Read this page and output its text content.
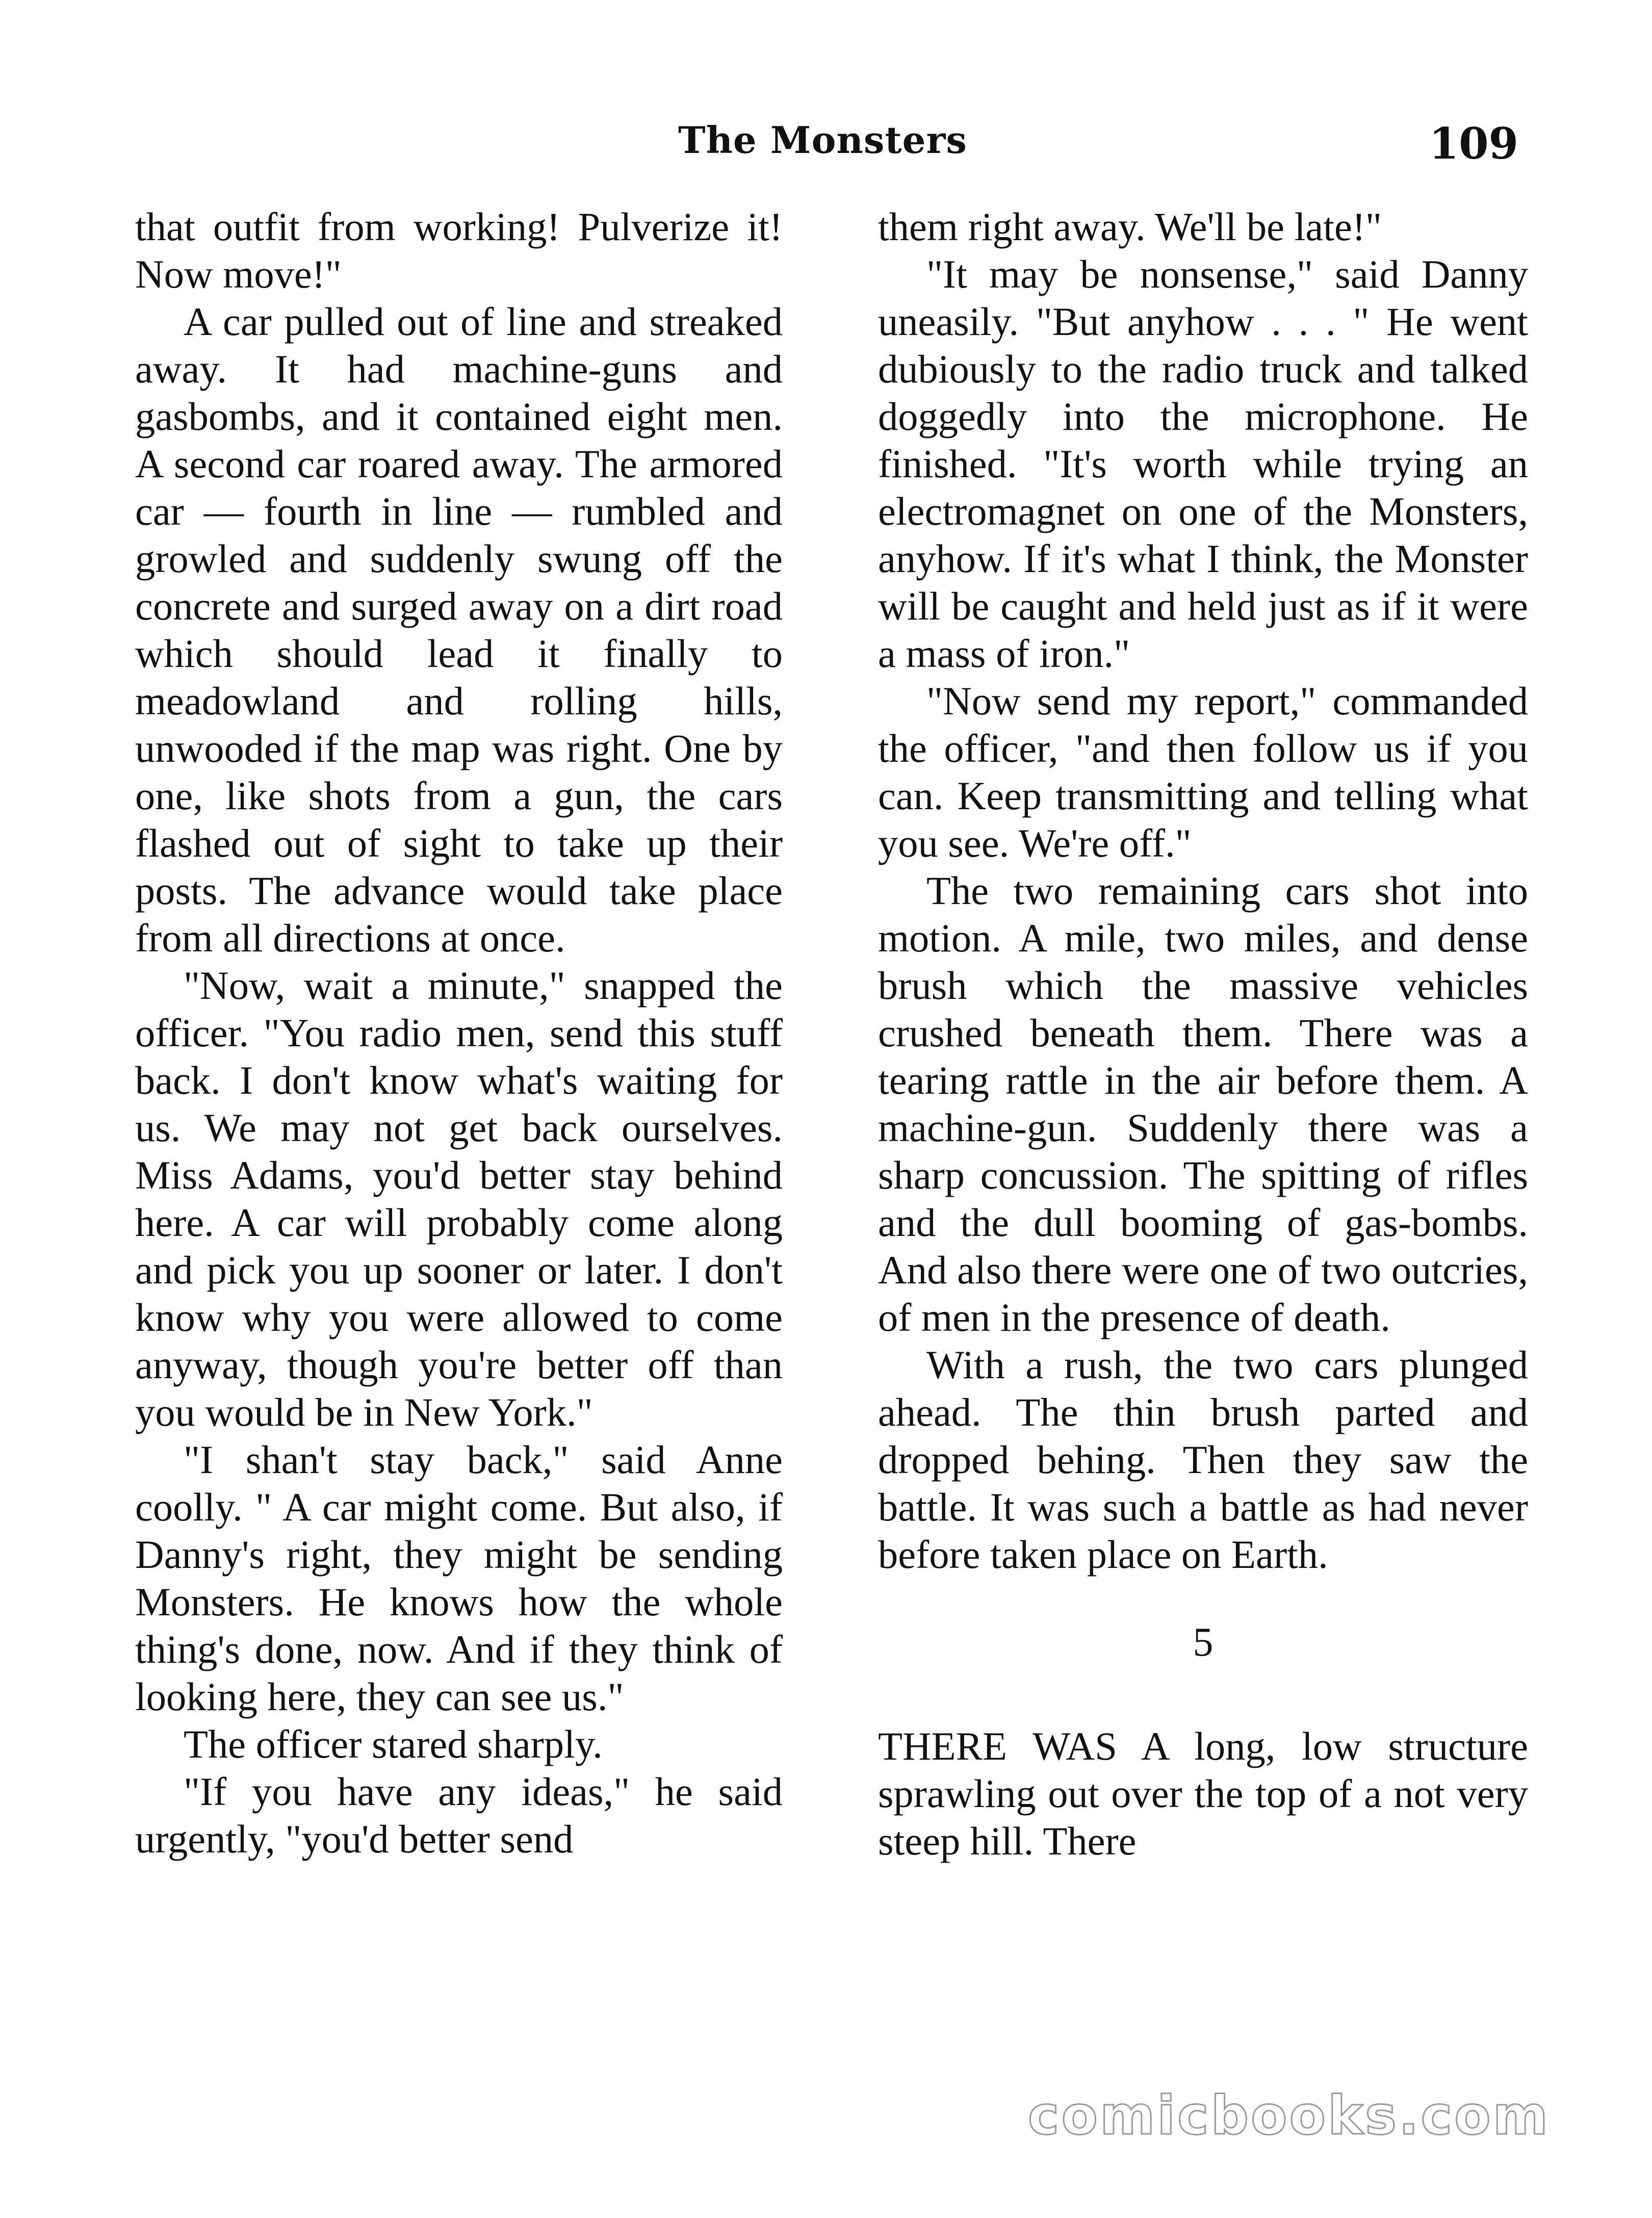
The Monsters	109

that outfit from working! Pulverize it! Now move!"

A car pulled out of line and streaked away. It had machine-guns and gasbombs, and it contained eight men. A second car roared away. The armored car — fourth in line — rumbled and growled and suddenly swung off the concrete and surged away on a dirt road which should lead it finally to meadowland and rolling hills, unwooded if the map was right. One by one, like shots from a gun, the cars flashed out of sight to take up their posts. The advance would take place from all directions at once.

"Now, wait a minute," snapped the officer. "You radio men, send this stuff back. I don't know what's waiting for us. We may not get back ourselves. Miss Adams, you'd better stay behind here. A car will probably come along and pick you up sooner or later. I don't know why you were allowed to come anyway, though you're better off than you would be in New York."

"I shan't stay back," said Anne coolly. " A car might come. But also, if Danny's right, they might be sending Monsters. He knows how the whole thing's done, now. And if they think of looking here, they can see us."

The officer stared sharply.

"If you have any ideas," he said urgently, "you'd better send

them right away. We'll be late!"

"It may be nonsense," said Danny uneasily. "But anyhow . . . " He went dubiously to the radio truck and talked doggedly into the microphone. He finished. "It's worth while trying an electromagnet on one of the Monsters, anyhow. If it's what I think, the Monster will be caught and held just as if it were a mass of iron."

"Now send my report," commanded the officer, "and then follow us if you can. Keep transmitting and telling what you see. We're off."

The two remaining cars shot into motion. A mile, two miles, and dense brush which the massive vehicles crushed beneath them. There was a tearing rattle in the air before them. A machine-gun. Suddenly there was a sharp concussion. The spitting of rifles and the dull booming of gas-bombs. And also there were one of two outcries, of men in the presence of death.

With a rush, the two cars plunged ahead. The thin brush parted and dropped behing. Then they saw the battle. It was such a battle as had never before taken place on Earth.

5

THERE WAS A long, low structure sprawling out over the top of a not very steep hill. There

comicbooks.com
